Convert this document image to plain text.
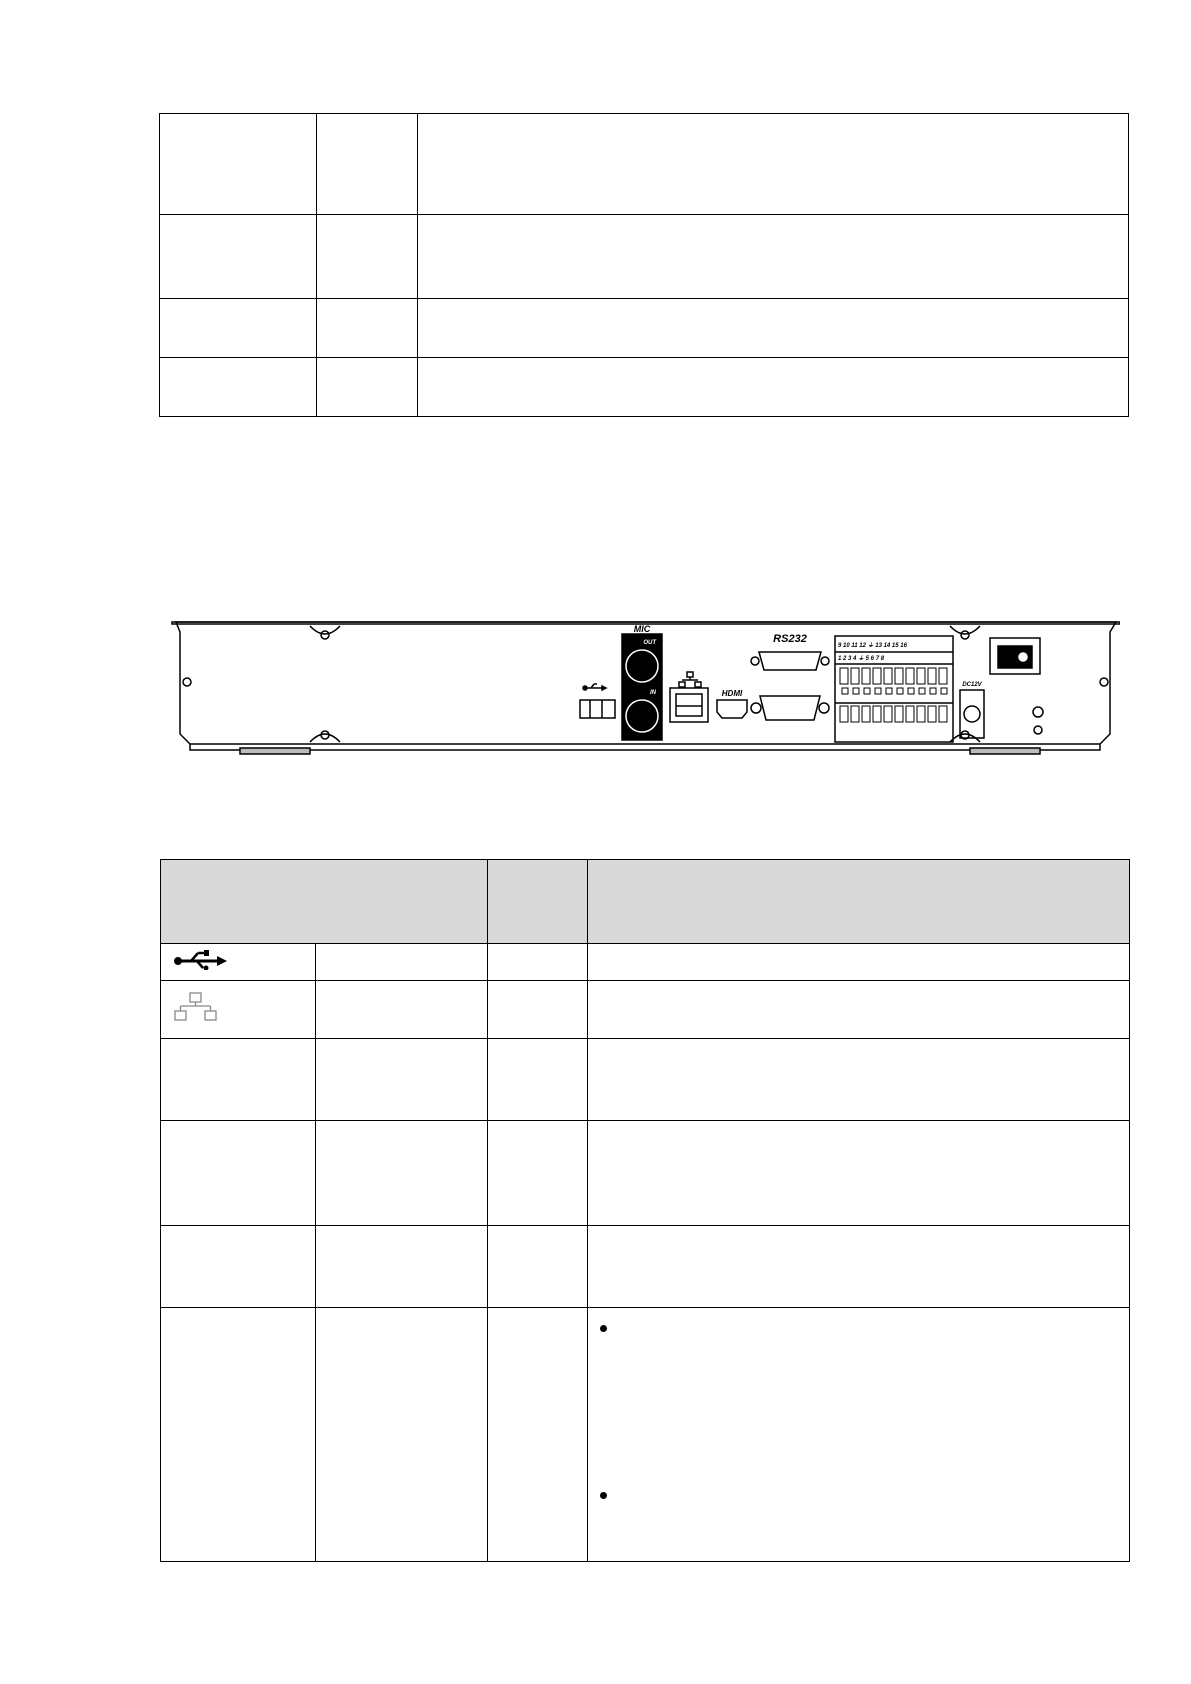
MIC
OUT
IN
RS232
HDMI
DC12V
9 10 11 12 ⏚ 13 14 15 16
1 2 3 4 ⏚ 5 6 7 8
